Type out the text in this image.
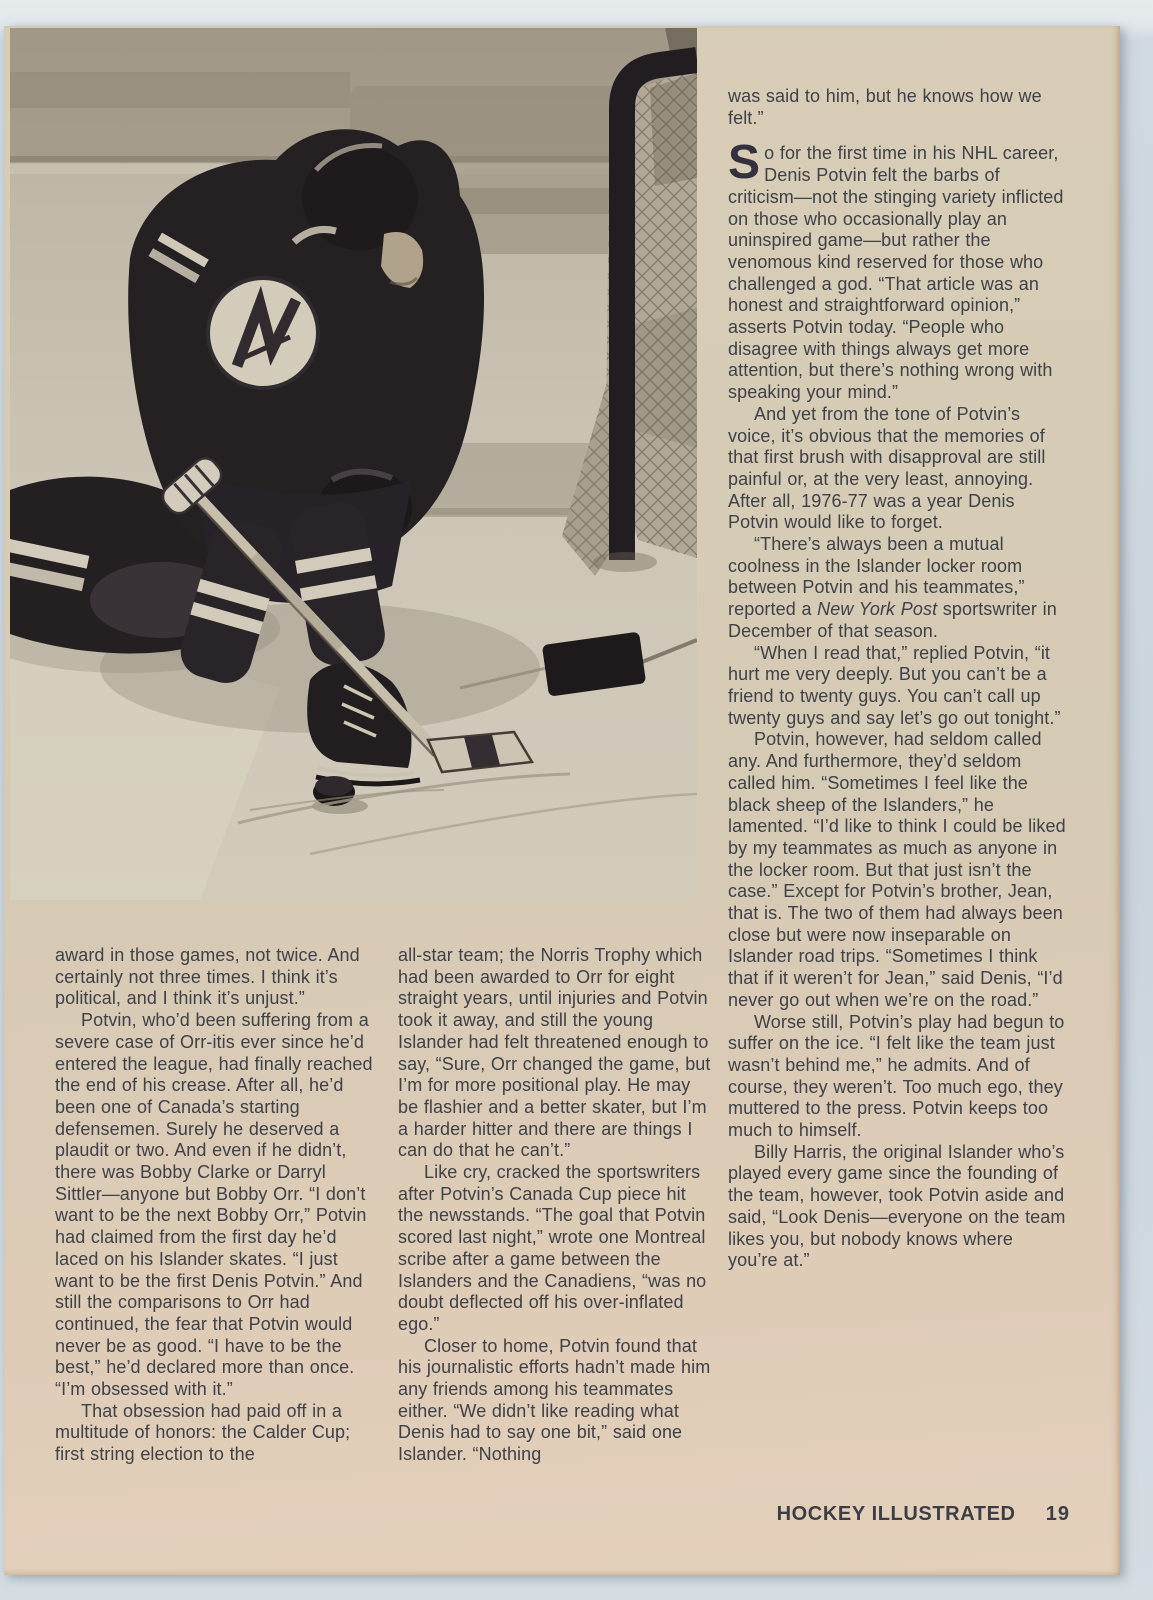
award in those games, not twice. And certainly not three times. I think it’s political, and I think it’s unjust.”

Potvin, who’d been suffering from a severe case of Orr-itis ever since he’d entered the league, had finally reached the end of his crease. After all, he’d been one of Canada’s starting defensemen. Surely he deserved a plaudit or two. And even if he didn’t, there was Bobby Clarke or Darryl Sittler—anyone but Bobby Orr. “I don’t want to be the next Bobby Orr,” Potvin had claimed from the first day he’d laced on his Islander skates. “I just want to be the first Denis Potvin.” And still the comparisons to Orr had continued, the fear that Potvin would never be as good. “I have to be the best,” he’d declared more than once. “I’m obsessed with it.”

That obsession had paid off in a multitude of honors: the Calder Cup; first string election to the

all-star team; the Norris Trophy which had been awarded to Orr for eight straight years, until injuries and Potvin took it away, and still the young Islander had felt threatened enough to say, “Sure, Orr changed the game, but I’m for more positional play. He may be flashier and a better skater, but I’m a harder hitter and there are things I can do that he can’t.”

Like cry, cracked the sportswriters after Potvin’s Canada Cup piece hit the newsstands. “The goal that Potvin scored last night,” wrote one Montreal scribe after a game between the Islanders and the Canadiens, “was no doubt deflected off his over-inflated ego.”

Closer to home, Potvin found that his journalistic efforts hadn’t made him any friends among his teammates either. “We didn’t like reading what Denis had to say one bit,” said one Islander. “Nothing

was said to him, but he knows how we felt.”

So for the first time in his NHL career, Denis Potvin felt the barbs of criticism—not the stinging variety inflicted on those who occasionally play an uninspired game—but rather the venomous kind reserved for those who challenged a god. “That article was an honest and straightforward opinion,” asserts Potvin today. “People who disagree with things always get more attention, but there’s nothing wrong with speaking your mind.”

And yet from the tone of Potvin’s voice, it’s obvious that the memories of that first brush with disapproval are still painful or, at the very least, annoying. After all, 1976-77 was a year Denis Potvin would like to forget.

“There’s always been a mutual coolness in the Islander locker room between Potvin and his teammates,” reported a New York Post sportswriter in December of that season.

“When I read that,” replied Potvin, “it hurt me very deeply. But you can’t be a friend to twenty guys. You can’t call up twenty guys and say let’s go out tonight.”

Potvin, however, had seldom called any. And furthermore, they’d seldom called him. “Sometimes I feel like the black sheep of the Islanders,” he lamented. “I’d like to think I could be liked by my teammates as much as anyone in the locker room. But that just isn’t the case.” Except for Potvin’s brother, Jean, that is. The two of them had always been close but were now inseparable on Islander road trips. “Sometimes I think that if it weren’t for Jean,” said Denis, “I’d never go out when we’re on the road.”

Worse still, Potvin’s play had begun to suffer on the ice. “I felt like the team just wasn’t behind me,” he admits. And of course, they weren’t. Too much ego, they muttered to the press. Potvin keeps too much to himself.

Billy Harris, the original Islander who’s played every game since the founding of the team, however, took Potvin aside and said, “Look Denis—everyone on the team likes you, but nobody knows where you’re at.”

HOCKEY ILLUSTRATED 19
